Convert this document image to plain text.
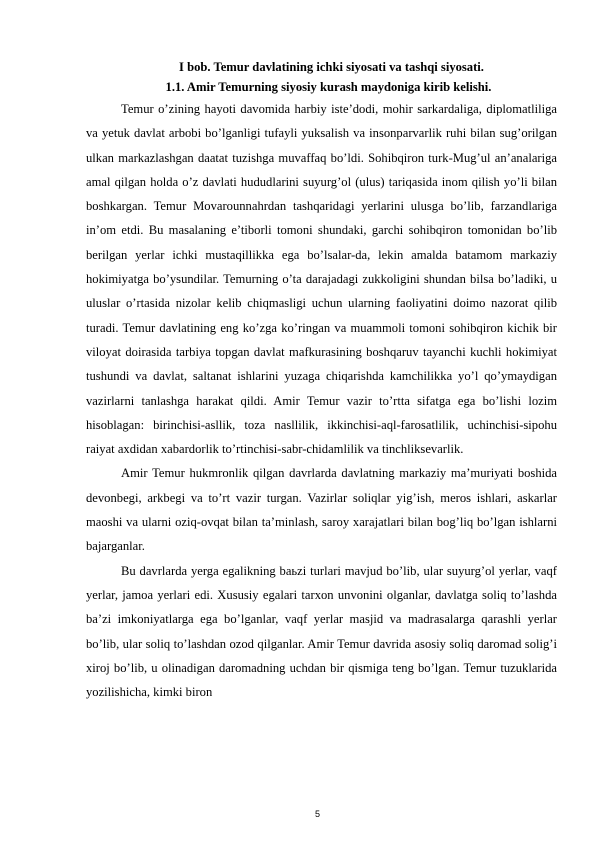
I bob. Temur davlatining ichki siyosati va tashqi siyosati.

1.1. Amir Temurning siyosiy kurash maydoniga kirib kelishi.

Temur o’zining hayoti davomida harbiy iste’dodi, mohir sarkardaliga, diplomatliliga va yetuk davlat arbobi bo’lganligi tufayli yuksalish va insonparvarlik ruhi bilan sug’orilgan ulkan markazlashgan daatat tuzishga muvaffaq bo’ldi. Sohibqiron turk-Mug’ul an’analariga amal qilgan holda o’z davlati hududlarini suyurg’ol (ulus) tariqasida inom qilish yo’li bilan boshkargan. Temur Movarounnahrdan tashqaridagi yerlarini ulusga bo’lib, farzandlariga in’om etdi. Bu masalaning e’tiborli tomoni shundaki, garchi sohibqiron tomonidan bo’lib berilgan yerlar ichki mustaqillikka ega bo’lsalar-da, lekin amalda batamom markaziy hokimiyatga bo’ysundilar. Temurning o’ta darajadagi zukkoligini shundan bilsa bo’ladiki, u uluslar o’rtasida nizolar kelib chiqmasligi uchun ularning faoliyatini doimo nazorat qilib turadi. Temur davlatining eng ko’zga ko’ringan va muammoli tomoni sohibqiron kichik bir viloyat doirasida tarbiya topgan davlat mafkurasining boshqaruv tayanchi kuchli hokimiyat tushundi va davlat, saltanat ishlarini yuzaga chiqarishda kamchilikka yo’l qo’ymaydigan vazirlarni tanlashga harakat qildi. Amir Temur vazir to’rtta sifatga ega bo’lishi lozim hisoblagan: birinchisi-asllik, toza nasllilik, ikkinchisi-aql-farosatlilik, uchinchisi-sipohu raiyat axdidan xabardorlik to’rtinchisi-sabr-chidamlilik va tinchliksevarlik.

Amir Temur hukmronlik qilgan davrlarda davlatning markaziy ma’muriyati boshida devonbegi, arkbegi va to’rt vazir turgan. Vazirlar soliqlar yig’ish, meros ishlari, askarlar maoshi va ularni oziq-ovqat bilan ta’minlash, saroy xarajatlari bilan bog’liq bo’lgan ishlarni bajarganlar.

Bu davrlarda yerga egalikning baьzi turlari mavjud bo’lib, ular suyurg’ol yerlar, vaqf yerlar, jamoa yerlari edi. Xususiy egalari tarxon unvonini olganlar, davlatga soliq to’lashda ba’zi imkoniyatlarga ega bo’lganlar, vaqf yerlar masjid va madrasalarga qarashli yerlar bo’lib, ular soliq to’lashdan ozod qilganlar. Amir Temur davrida asosiy soliq daromad solig’i xiroj bo’lib, u olinadigan daromadning uchdan bir qismiga teng bo’lgan. Temur tuzuklarida yozilishicha, kimki biron

5
